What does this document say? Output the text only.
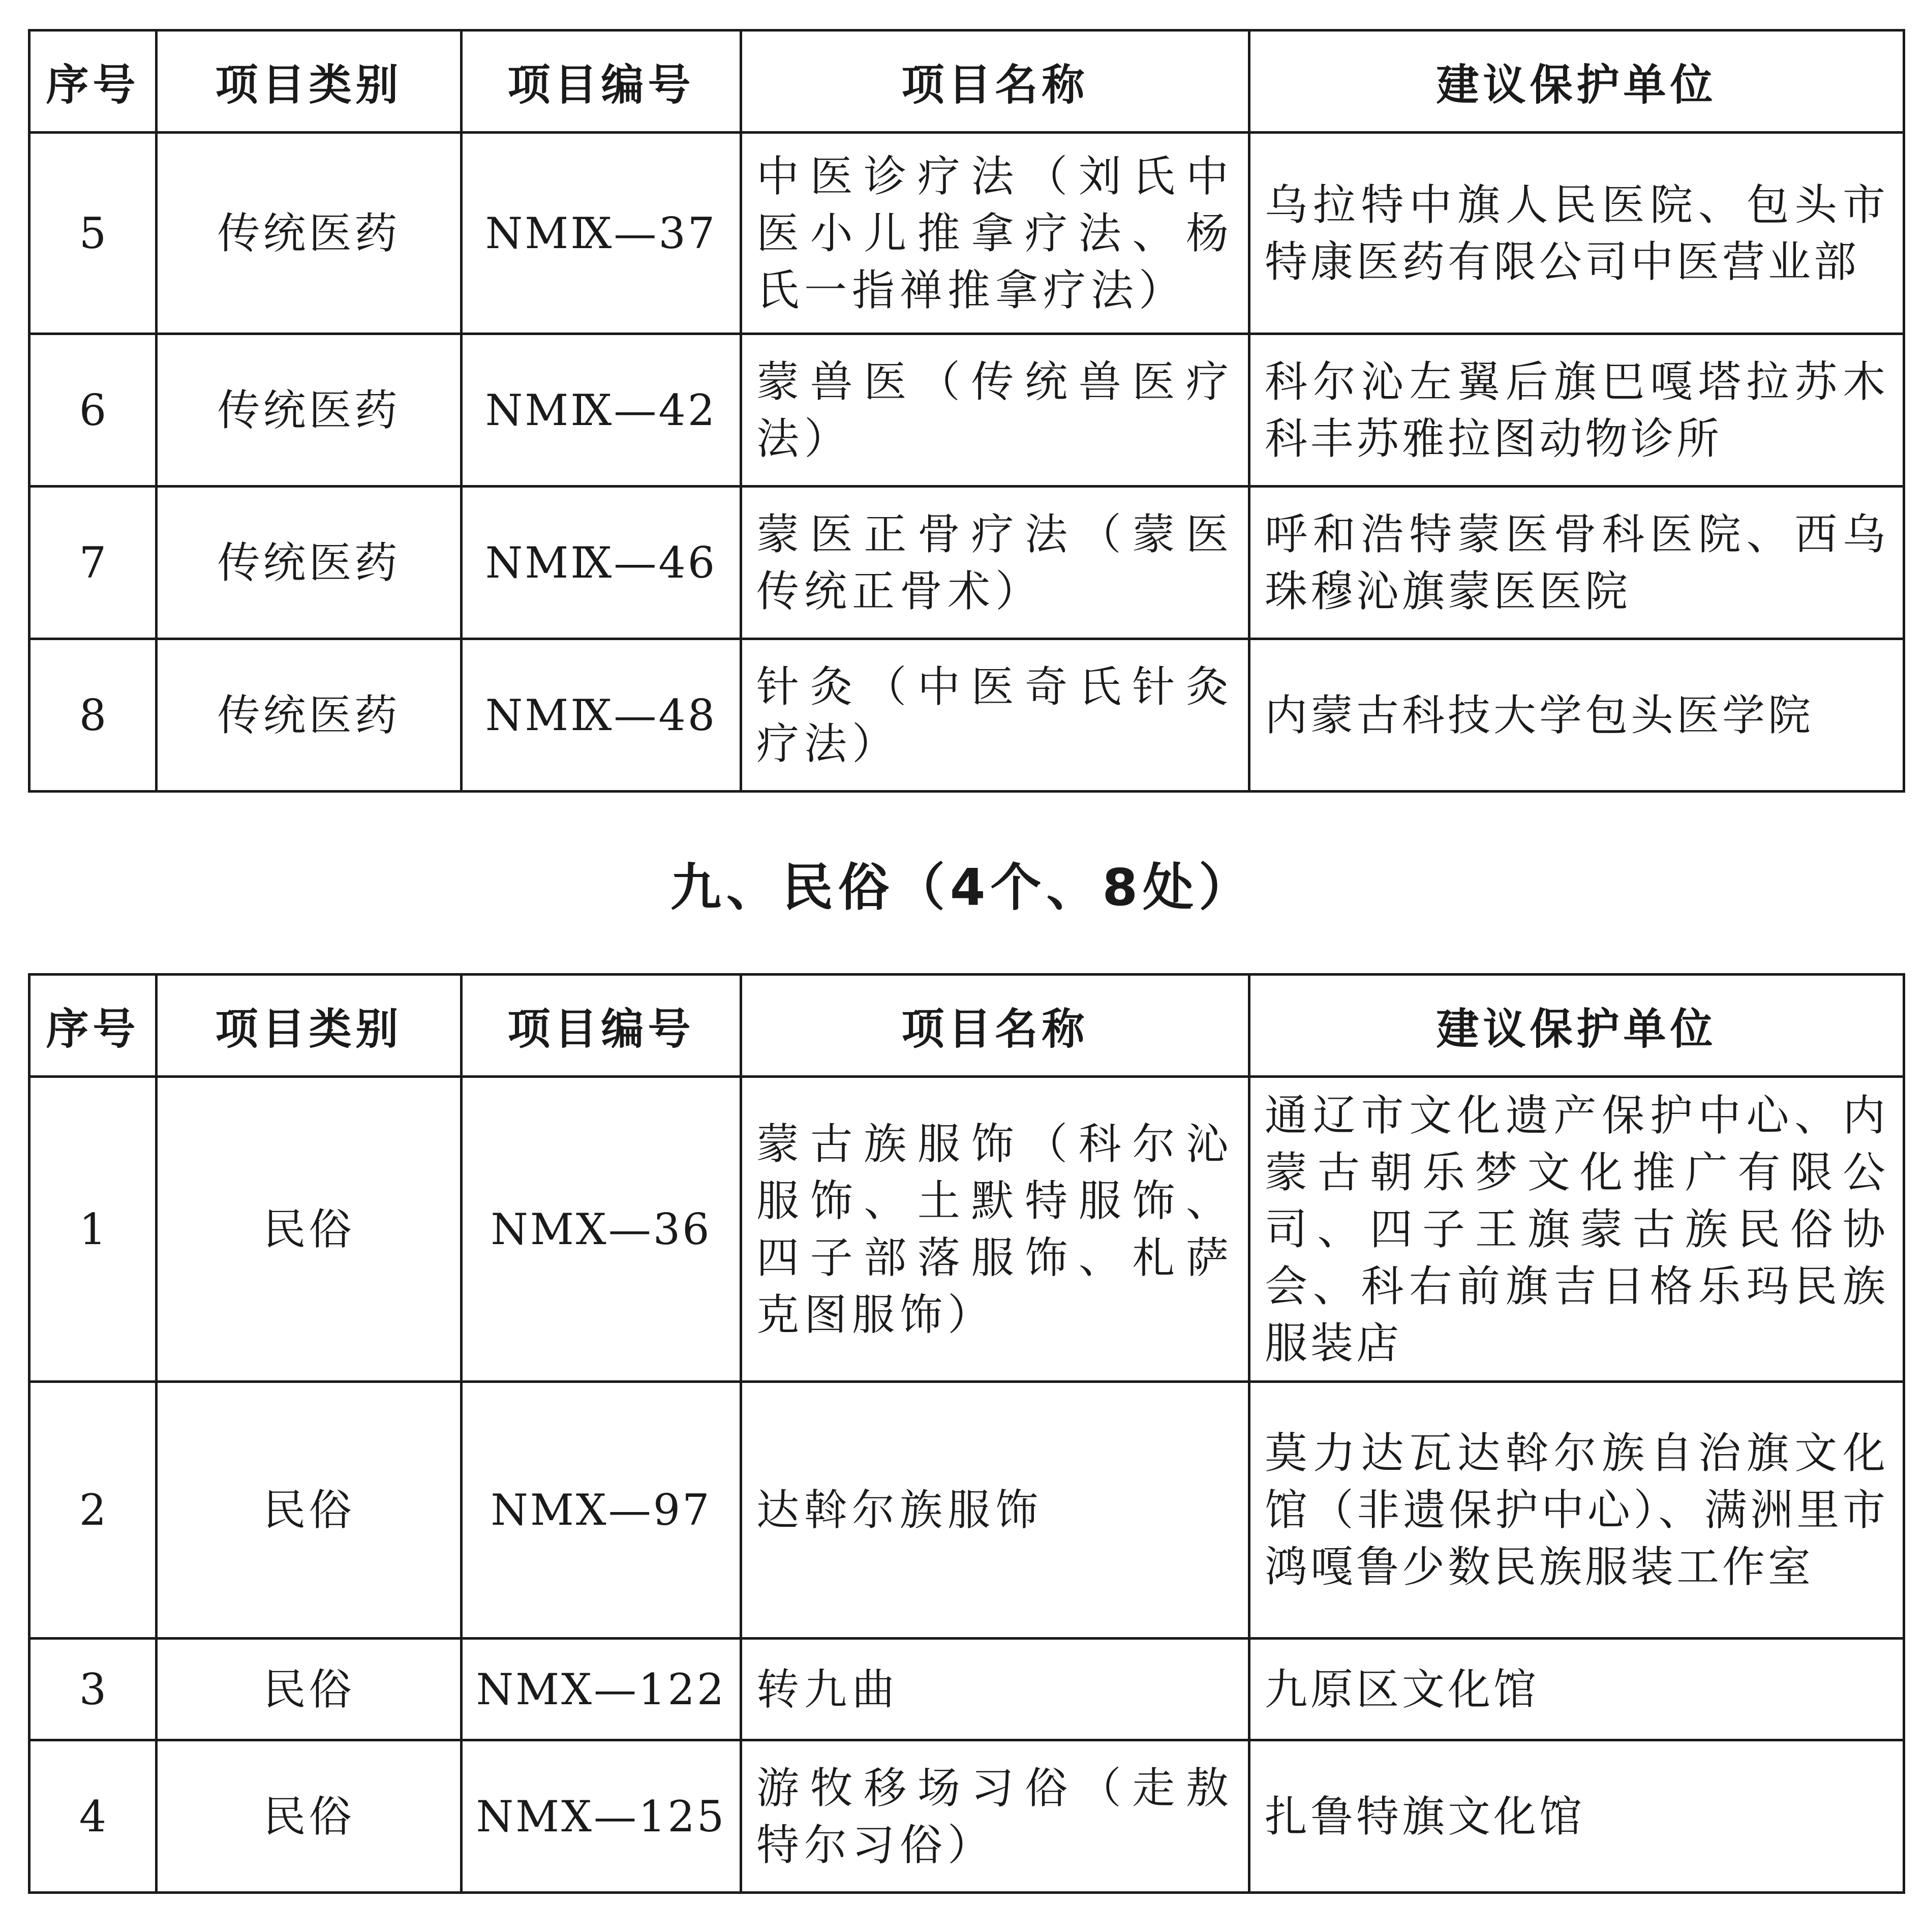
序号	项目类别	项目编号	项目名称	建议保护单位
5	传统医药	NMⅨ—37	中医诊疗法（刘氏中医小儿推拿疗法、杨氏一指禅推拿疗法）	乌拉特中旗人民医院、包头市特康医药有限公司中医营业部
6	传统医药	NMⅨ—42	蒙兽医（传统兽医疗法）	科尔沁左翼后旗巴嘎塔拉苏木科丰苏雅拉图动物诊所
7	传统医药	NMⅨ—46	蒙医正骨疗法（蒙医传统正骨术）	呼和浩特蒙医骨科医院、西乌珠穆沁旗蒙医医院
8	传统医药	NMⅨ—48	针灸（中医奇氏针灸疗法）	内蒙古科技大学包头医学院
九、民俗（4个、8处）
序号	项目类别	项目编号	项目名称	建议保护单位
1	民俗	NMⅩ—36	蒙古族服饰（科尔沁服饰、土默特服饰、四子部落服饰、札萨克图服饰）	通辽市文化遗产保护中心、内蒙古朝乐梦文化推广有限公司、四子王旗蒙古族民俗协会、科右前旗吉日格乐玛民族服装店
2	民俗	NMⅩ—97	达斡尔族服饰	莫力达瓦达斡尔族自治旗文化馆（非遗保护中心）、满洲里市鸿嘎鲁少数民族服装工作室
3	民俗	NMⅩ—122	转九曲	九原区文化馆
4	民俗	NMⅩ—125	游牧移场习俗（走敖特尔习俗）	扎鲁特旗文化馆
